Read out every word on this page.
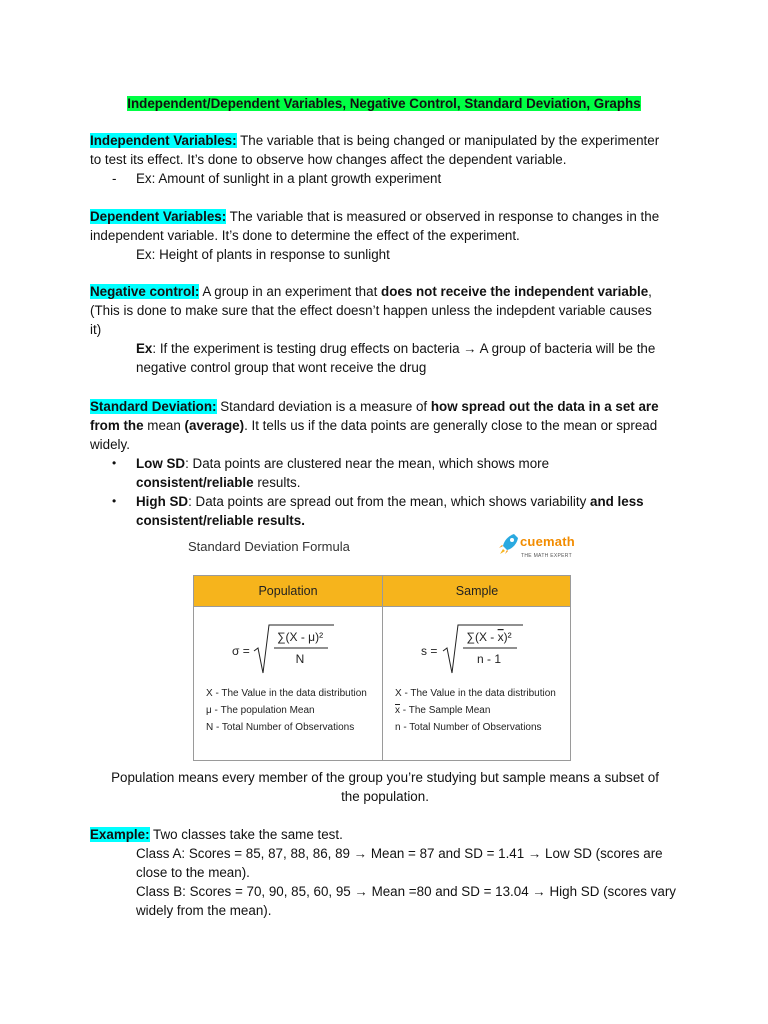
Independent/Dependent Variables, Negative Control, Standard Deviation, Graphs

Independent Variables: The variable that is being changed or manipulated by the experimenter

to test its effect. It’s done to observe how changes affect the dependent variable.

- Ex: Amount of sunlight in a plant growth experiment

Dependent Variables: The variable that is measured or observed in response to changes in the

independent variable. It’s done to determine the effect of the experiment.

Ex: Height of plants in response to sunlight

Negative control: A group in an experiment that does not receive the independent variable,

(This is done to make sure that the effect doesn’t happen unless the indepdent variable causes

it)

Ex: If the experiment is testing drug effects on bacteria → A group of bacteria will be the

negative control group that wont receive the drug

Standard Deviation: Standard deviation is a measure of how spread out the data in a set are

from the mean (average). It tells us if the data points are generally close to the mean or spread

widely.

• Low SD: Data points are clustered near the mean, which shows more
consistent/reliable results.
• High SD: Data points are spread out from the mean, which shows variability and less
consistent/reliable results.
Standard Deviation Formula	cuemath
THE MATH EXPERT
Population	Sample
σ =
∑(X - μ)²
N
X - The Value in the data distribution
μ - The population Mean
N - Total Number of Observations
s =
∑(X - x)²
n - 1
X - The Value in the data distribution
$\overline{x}$ - The Sample Mean
n - Total Number of Observations

Population means every member of the group you’re studying but sample means a subset of

the population.

Example: Two classes take the same test.

Class A: Scores = 85, 87, 88, 86, 89 → Mean = 87 and SD = 1.41 → Low SD (scores are

close to the mean).

Class B: Scores = 70, 90, 85, 60, 95 → Mean =80 and SD = 13.04 → High SD (scores vary

widely from the mean).
